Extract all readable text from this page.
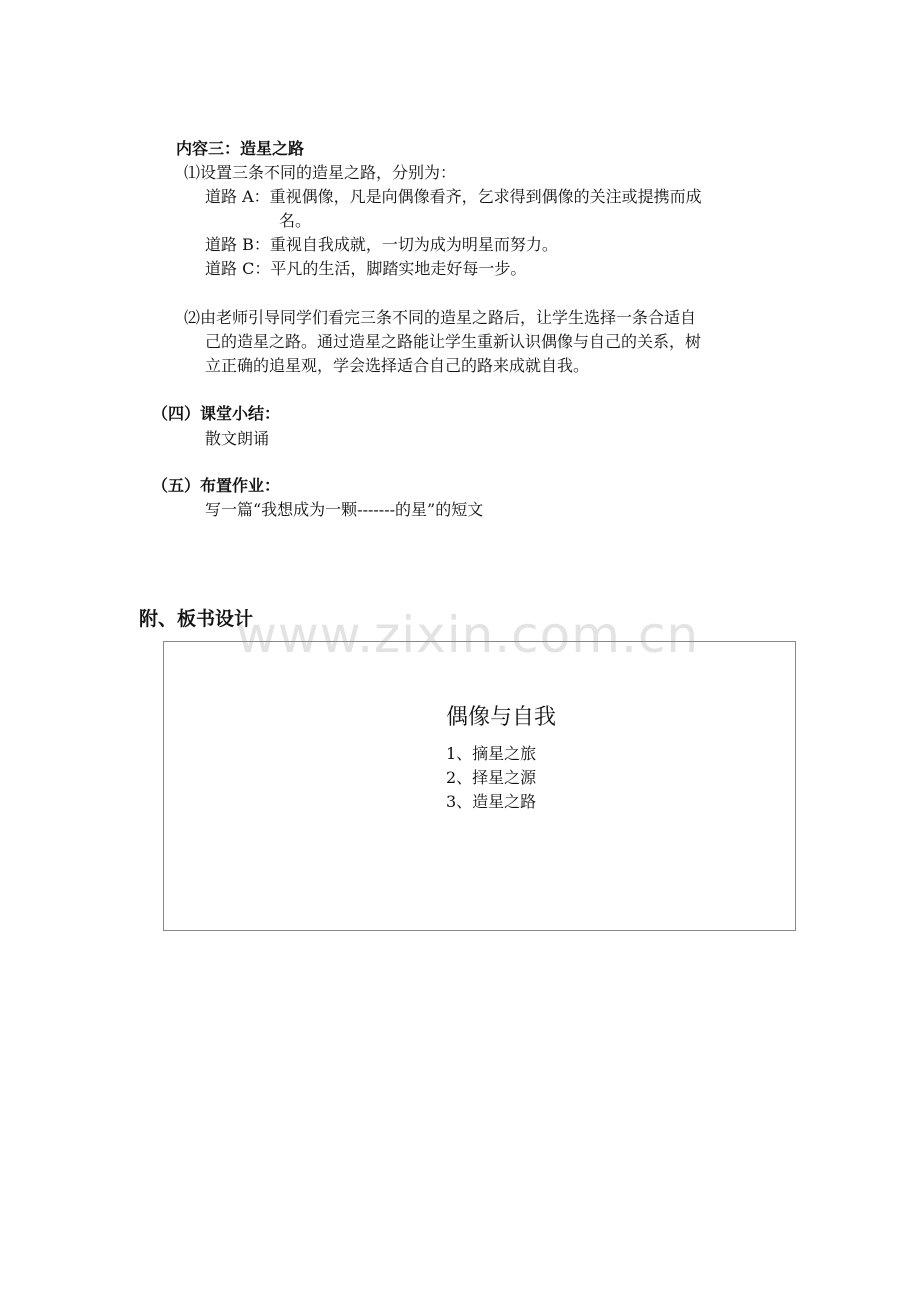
内容三：造星之路
⑴设置三条不同的造星之路，分别为：
道路 A：重视偶像，凡是向偶像看齐，乞求得到偶像的关注或提携而成
名。
道路 B：重视自我成就，一切为成为明星而努力。
道路 C：平凡的生活，脚踏实地走好每一步。
⑵由老师引导同学们看完三条不同的造星之路后，让学生选择一条合适自
己的造星之路。通过造星之路能让学生重新认识偶像与自己的关系，树
立正确的追星观，学会选择适合自己的路来成就自我。
（四）课堂小结：
散文朗诵
（五）布置作业：
写一篇“我想成为一颗-------的星”的短文
www.zixin.com.cn
附、板书设计
偶像与自我
1、摘星之旅
2、择星之源
3、造星之路
